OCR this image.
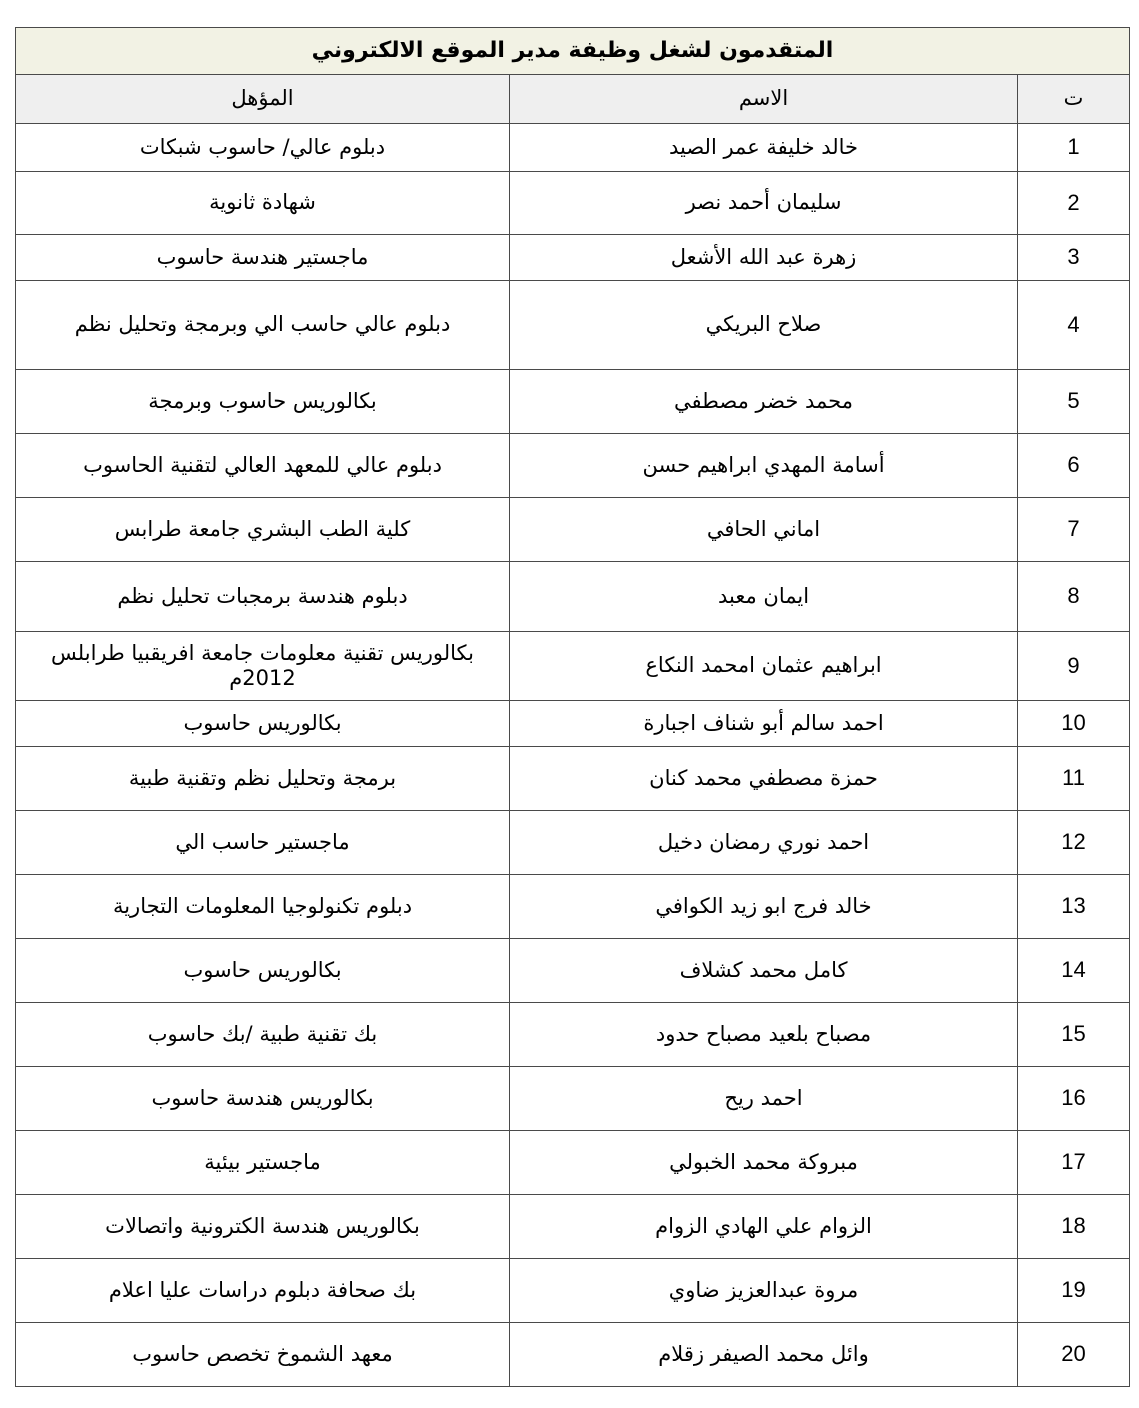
المتقدمون لشغل وظيفة مدير الموقع الالكتروني		
ت	الاسم	المؤهل
1	خالد خليفة عمر الصيد	دبلوم عالي/ حاسوب شبكات
2	سليمان أحمد نصر	شهادة ثانوية
3	زهرة عبد الله الأشعل	ماجستير هندسة حاسوب
4	صلاح البريكي	دبلوم عالي حاسب الي وبرمجة وتحليل نظم
5	محمد خضر مصطفي	بكالوريس حاسوب وبرمجة
6	أسامة المهدي ابراهيم حسن	دبلوم عالي للمعهد العالي لتقنية الحاسوب
7	اماني الحافي	كلية الطب البشري جامعة طرابس
8	ايمان معبد	دبلوم هندسة برمجبات تحليل نظم
9	ابراهيم عثمان امحمد النكاع	بكالوريس تقنية معلومات جامعة افريقبيا طرابلس 2012م
10	احمد سالم أبو شناف اجبارة	بكالوريس حاسوب
11	حمزة مصطفي محمد كنان	برمجة وتحليل نظم وتقنية طبية
12	احمد نوري رمضان دخيل	ماجستير حاسب الي
13	خالد فرج ابو زيد الكوافي	دبلوم تكنولوجيا المعلومات التجارية
14	كامل محمد كشلاف	بكالوريس حاسوب
15	مصباح بلعيد مصباح حدود	بك تقنية طبية /بك حاسوب
16	احمد ريح	بكالوريس هندسة حاسوب
17	مبروكة محمد الخبولي	ماجستير بيئية
18	الزوام علي الهادي الزوام	بكالوريس هندسة الكترونية واتصالات
19	مروة عبدالعزيز ضاوي	بك صحافة دبلوم دراسات عليا اعلام
20	وائل محمد الصيفر زقلام	معهد الشموخ تخصص حاسوب
